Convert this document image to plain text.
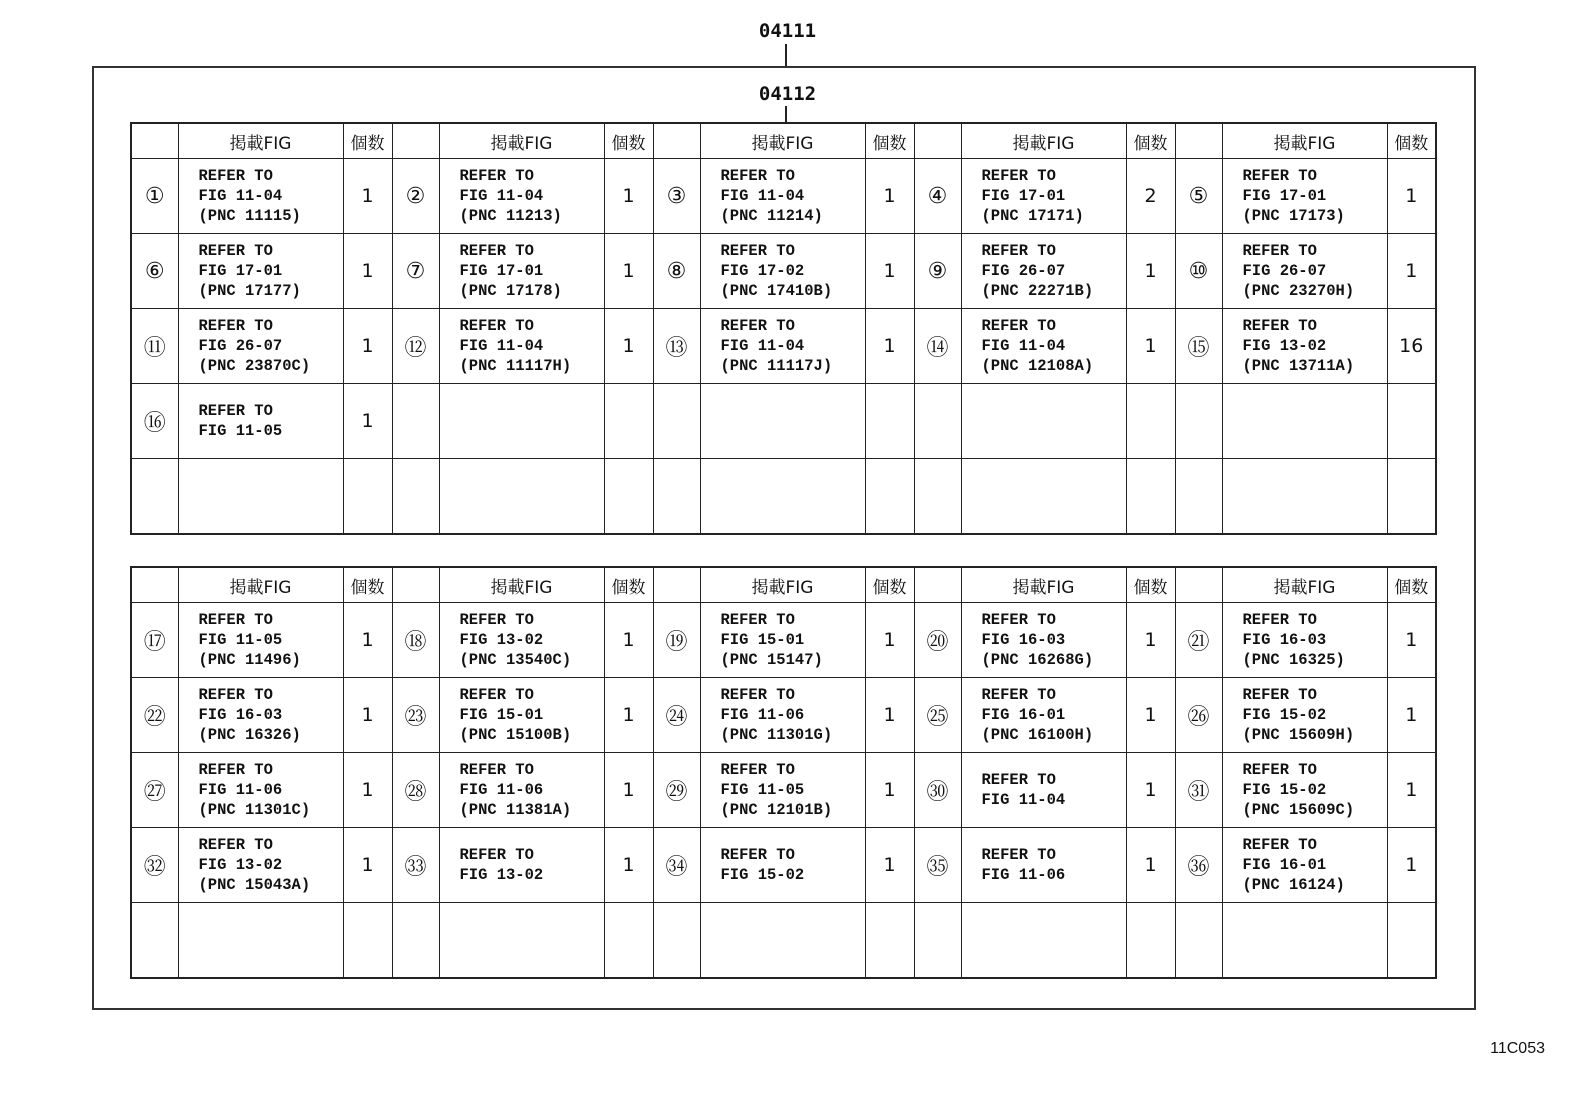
04111
04112
	掲載FIG	個数		掲載FIG	個数		掲載FIG	個数		掲載FIG	個数		掲載FIG	個数
①	REFER TO
FIG 11-04
(PNC 11115)	1	②	REFER TO
FIG 11-04
(PNC 11213)	1	③	REFER TO
FIG 11-04
(PNC 11214)	1	④	REFER TO
FIG 17-01
(PNC 17171)	2	⑤	REFER TO
FIG 17-01
(PNC 17173)	1
⑥	REFER TO
FIG 17-01
(PNC 17177)	1	⑦	REFER TO
FIG 17-01
(PNC 17178)	1	⑧	REFER TO
FIG 17-02
(PNC 17410B)	1	⑨	REFER TO
FIG 26-07
(PNC 22271B)	1	⑩	REFER TO
FIG 26-07
(PNC 23270H)	1
⑪	REFER TO
FIG 26-07
(PNC 23870C)	1	⑫	REFER TO
FIG 11-04
(PNC 11117H)	1	⑬	REFER TO
FIG 11-04
(PNC 11117J)	1	⑭	REFER TO
FIG 11-04
(PNC 12108A)	1	⑮	REFER TO
FIG 13-02
(PNC 13711A)	16
⑯	REFER TO
FIG 11-05	1												

	掲載FIG	個数		掲載FIG	個数		掲載FIG	個数		掲載FIG	個数		掲載FIG	個数
⑰	REFER TO
FIG 11-05
(PNC 11496)	1	⑱	REFER TO
FIG 13-02
(PNC 13540C)	1	⑲	REFER TO
FIG 15-01
(PNC 15147)	1	⑳	REFER TO
FIG 16-03
(PNC 16268G)	1	㉑	REFER TO
FIG 16-03
(PNC 16325)	1
㉒	REFER TO
FIG 16-03
(PNC 16326)	1	㉓	REFER TO
FIG 15-01
(PNC 15100B)	1	㉔	REFER TO
FIG 11-06
(PNC 11301G)	1	㉕	REFER TO
FIG 16-01
(PNC 16100H)	1	㉖	REFER TO
FIG 15-02
(PNC 15609H)	1
㉗	REFER TO
FIG 11-06
(PNC 11301C)	1	㉘	REFER TO
FIG 11-06
(PNC 11381A)	1	㉙	REFER TO
FIG 11-05
(PNC 12101B)	1	㉚	REFER TO
FIG 11-04	1	㉛	REFER TO
FIG 15-02
(PNC 15609C)	1
㉜	REFER TO
FIG 13-02
(PNC 15043A)	1	㉝	REFER TO
FIG 13-02	1	㉞	REFER TO
FIG 15-02	1	㉟	REFER TO
FIG 11-06	1	㊱	REFER TO
FIG 16-01
(PNC 16124)	1

11C053
